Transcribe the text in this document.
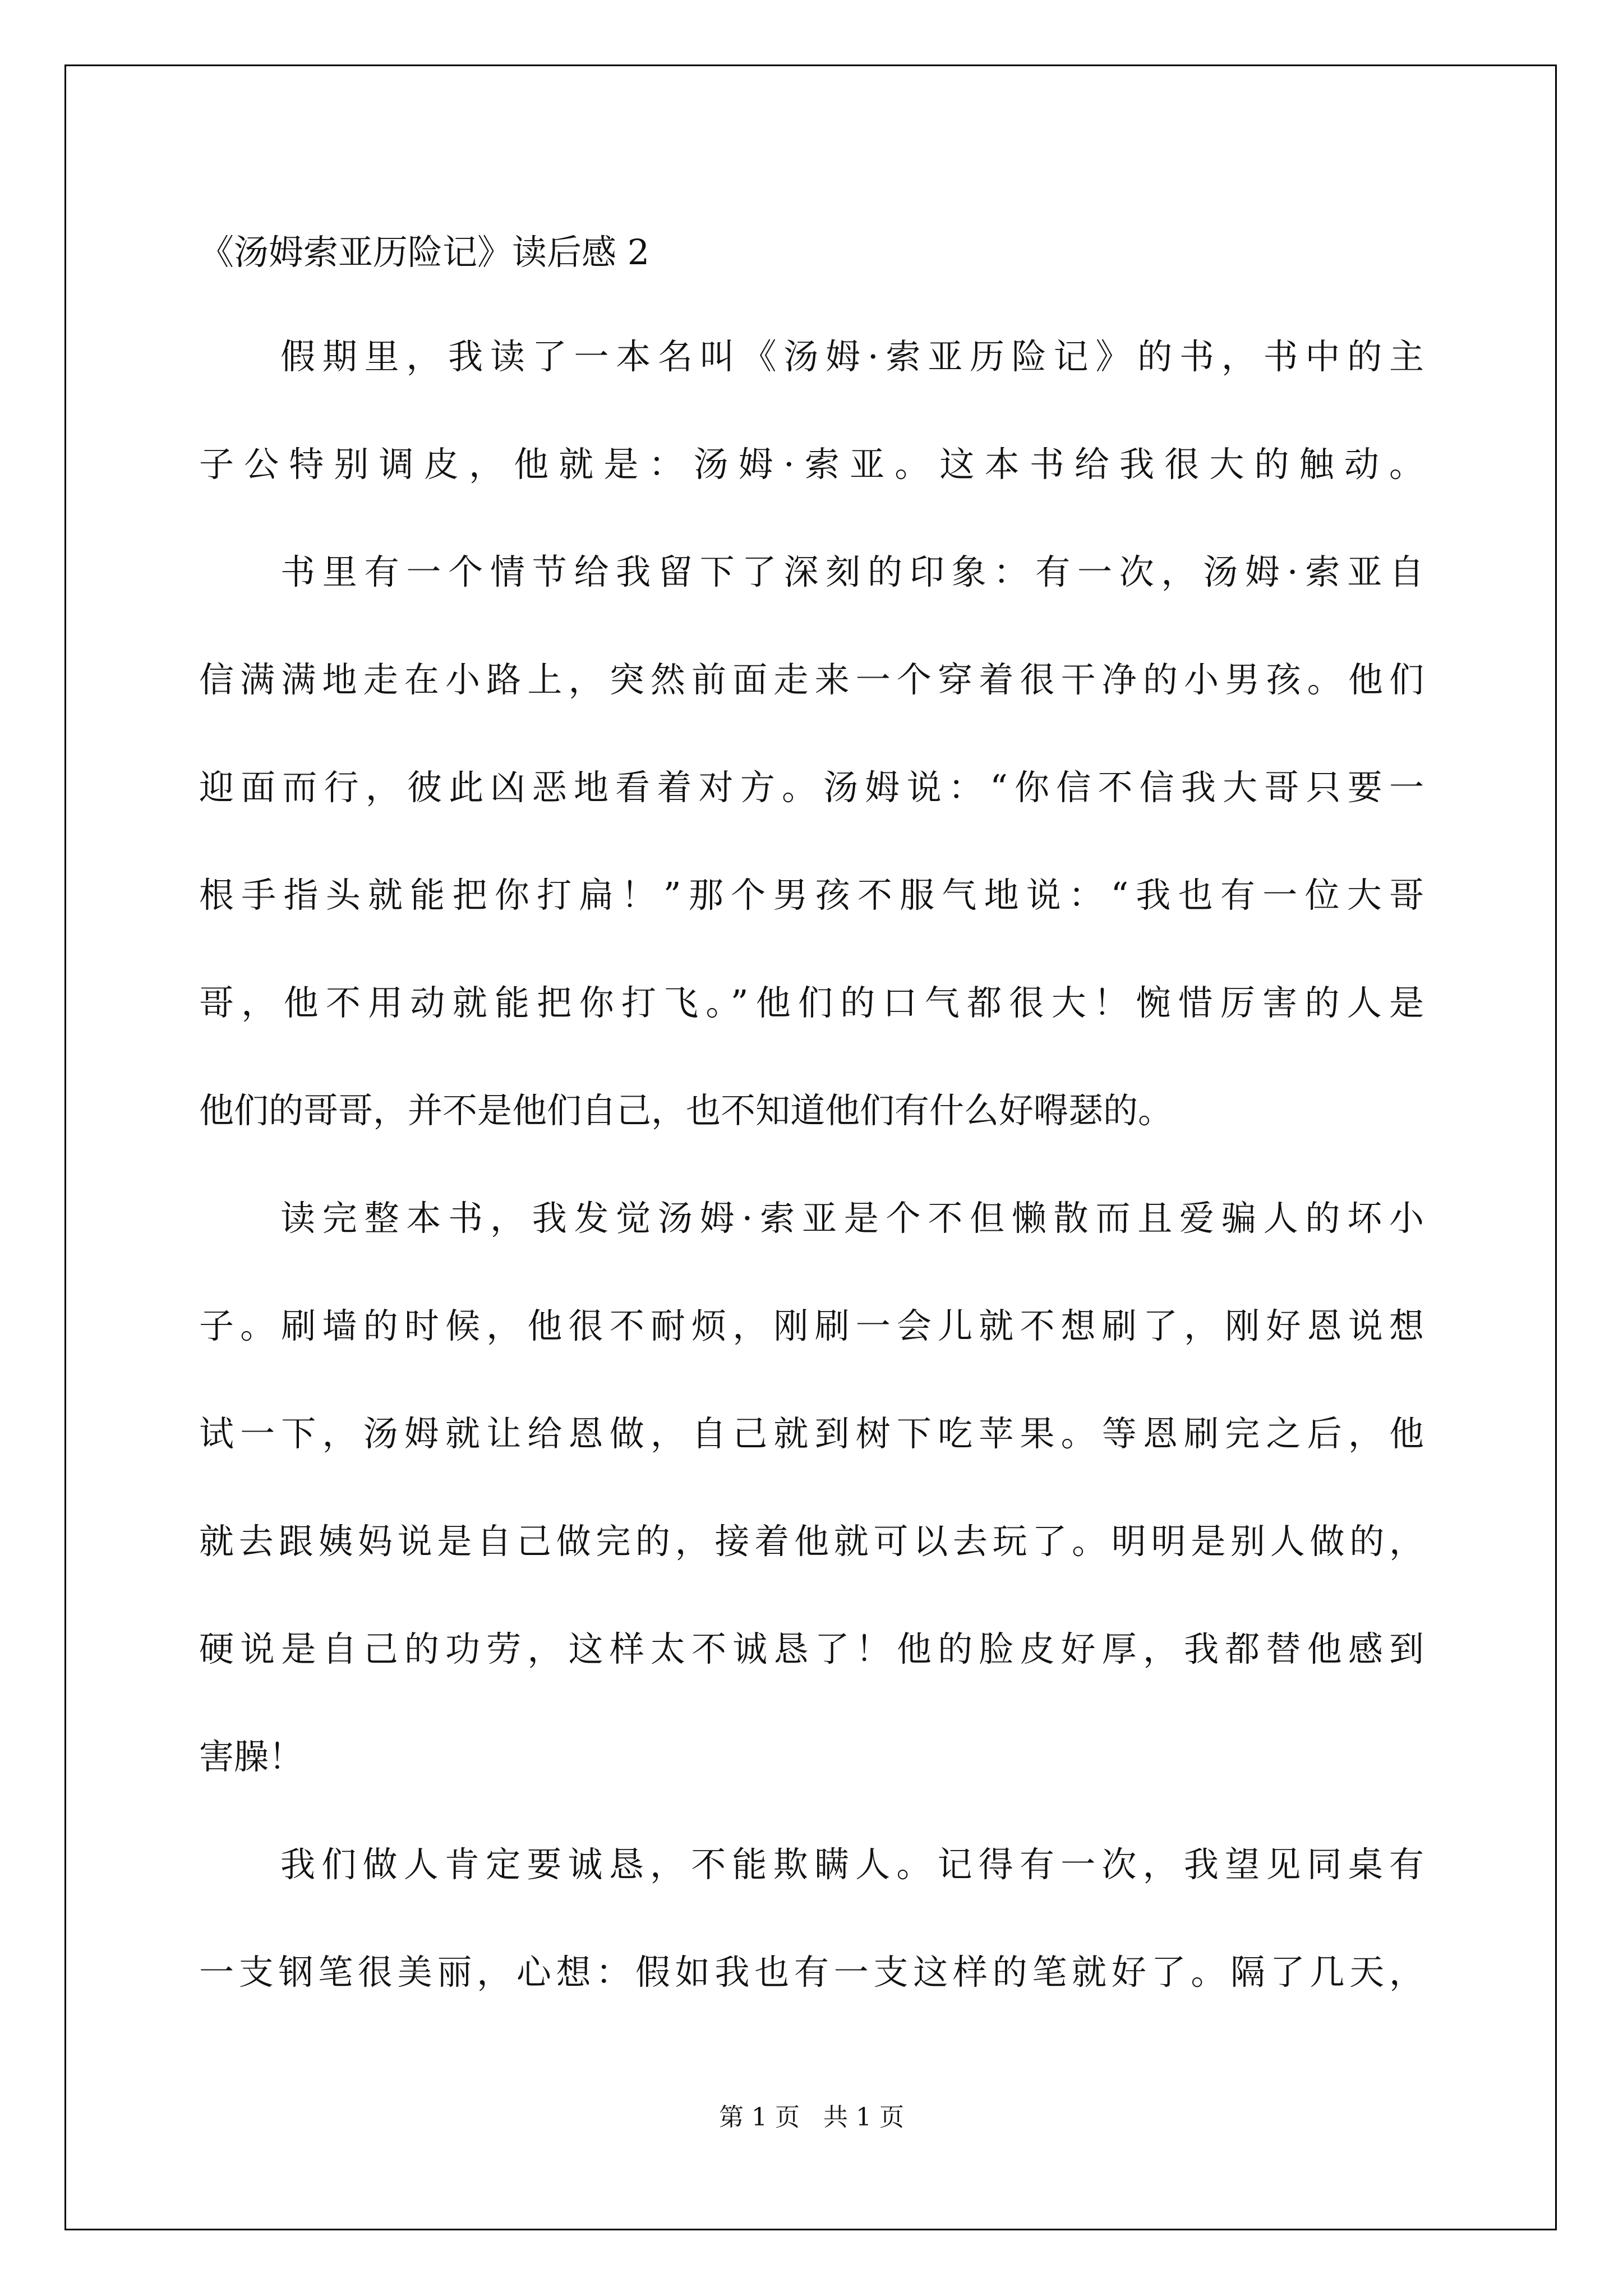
《汤姆索亚历险记》读后感 2
假期里，我读了一本名叫《汤姆·索亚历险记》的书，书中的主
子公特别调皮，他就是：汤姆·索亚。这本书给我很大的触动。
书里有一个情节给我留下了深刻的印象：有一次，汤姆·索亚自
信满满地走在小路上，突然前面走来一个穿着很干净的小男孩。他们
迎面而行，彼此凶恶地看着对方。汤姆说：“你信不信我大哥只要一
根手指头就能把你打扁！”那个男孩不服气地说：“我也有一位大哥
哥，他不用动就能把你打飞。”他们的口气都很大！惋惜厉害的人是
他们的哥哥，并不是他们自己，也不知道他们有什么好嘚瑟的。
读完整本书，我发觉汤姆·索亚是个不但懒散而且爱骗人的坏小
子。刷墙的时候，他很不耐烦，刚刷一会儿就不想刷了，刚好恩说想
试一下，汤姆就让给恩做，自己就到树下吃苹果。等恩刷完之后，他
就去跟姨妈说是自己做完的，接着他就可以去玩了。明明是别人做的，
硬说是自己的功劳，这样太不诚恳了！他的脸皮好厚，我都替他感到
害臊！
我们做人肯定要诚恳，不能欺瞒人。记得有一次，我望见同桌有
一支钢笔很美丽，心想：假如我也有一支这样的笔就好了。隔了几天，
第 1 页   共 1 页
